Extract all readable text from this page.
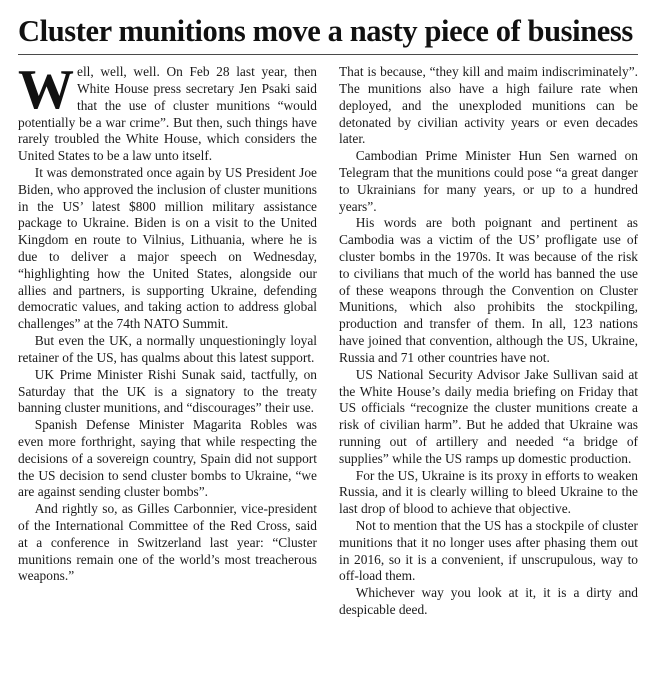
Cluster munitions move a nasty piece of business

Well, well, well. On Feb 28 last year, then White House press secretary Jen Psaki said that the use of cluster munitions “would potentially be a war crime”. But then, such things have rarely troubled the White House, which considers the United States to be a law unto itself.

It was demonstrated once again by US President Joe Biden, who approved the inclusion of cluster munitions in the US’ latest $800 million military assistance package to Ukraine. Biden is on a visit to the United Kingdom en route to Vilnius, Lithuania, where he is due to deliver a major speech on Wednesday, “highlighting how the United States, alongside our allies and partners, is supporting Ukraine, defending democratic values, and taking action to address global challenges” at the 74th NATO Summit.

But even the UK, a normally unquestioningly loyal retainer of the US, has qualms about this latest support.

UK Prime Minister Rishi Sunak said, tactfully, on Saturday that the UK is a signatory to the treaty banning cluster munitions, and “discourages” their use.

Spanish Defense Minister Magarita Robles was even more forthright, saying that while respecting the decisions of a sovereign country, Spain did not support the US decision to send cluster bombs to Ukraine, “we are against sending cluster bombs”.

And rightly so, as Gilles Carbonnier, vice-president of the International Committee of the Red Cross, said at a conference in Switzerland last year: “Cluster munitions remain one of the world’s most treacherous weapons.”

That is because, “they kill and maim indiscriminately”. The munitions also have a high failure rate when deployed, and the unexploded munitions can be detonated by civilian activity years or even decades later.

Cambodian Prime Minister Hun Sen warned on Telegram that the munitions could pose “a great danger to Ukrainians for many years, or up to a hundred years”.

His words are both poignant and pertinent as Cambodia was a victim of the US’ profligate use of cluster bombs in the 1970s. It was because of the risk to civilians that much of the world has banned the use of these weapons through the Convention on Cluster Munitions, which also prohibits the stockpiling, production and transfer of them. In all, 123 nations have joined that convention, although the US, Ukraine, Russia and 71 other countries have not.

US National Security Advisor Jake Sullivan said at the White House’s daily media briefing on Friday that US officials “recognize the cluster munitions create a risk of civilian harm”. But he added that Ukraine was running out of artillery and needed “a bridge of supplies” while the US ramps up domestic production.

For the US, Ukraine is its proxy in efforts to weaken Russia, and it is clearly willing to bleed Ukraine to the last drop of blood to achieve that objective.

Not to mention that the US has a stockpile of cluster munitions that it no longer uses after phasing them out in 2016, so it is a convenient, if unscrupulous, way to off-load them.

Whichever way you look at it, it is a dirty and despicable deed.
